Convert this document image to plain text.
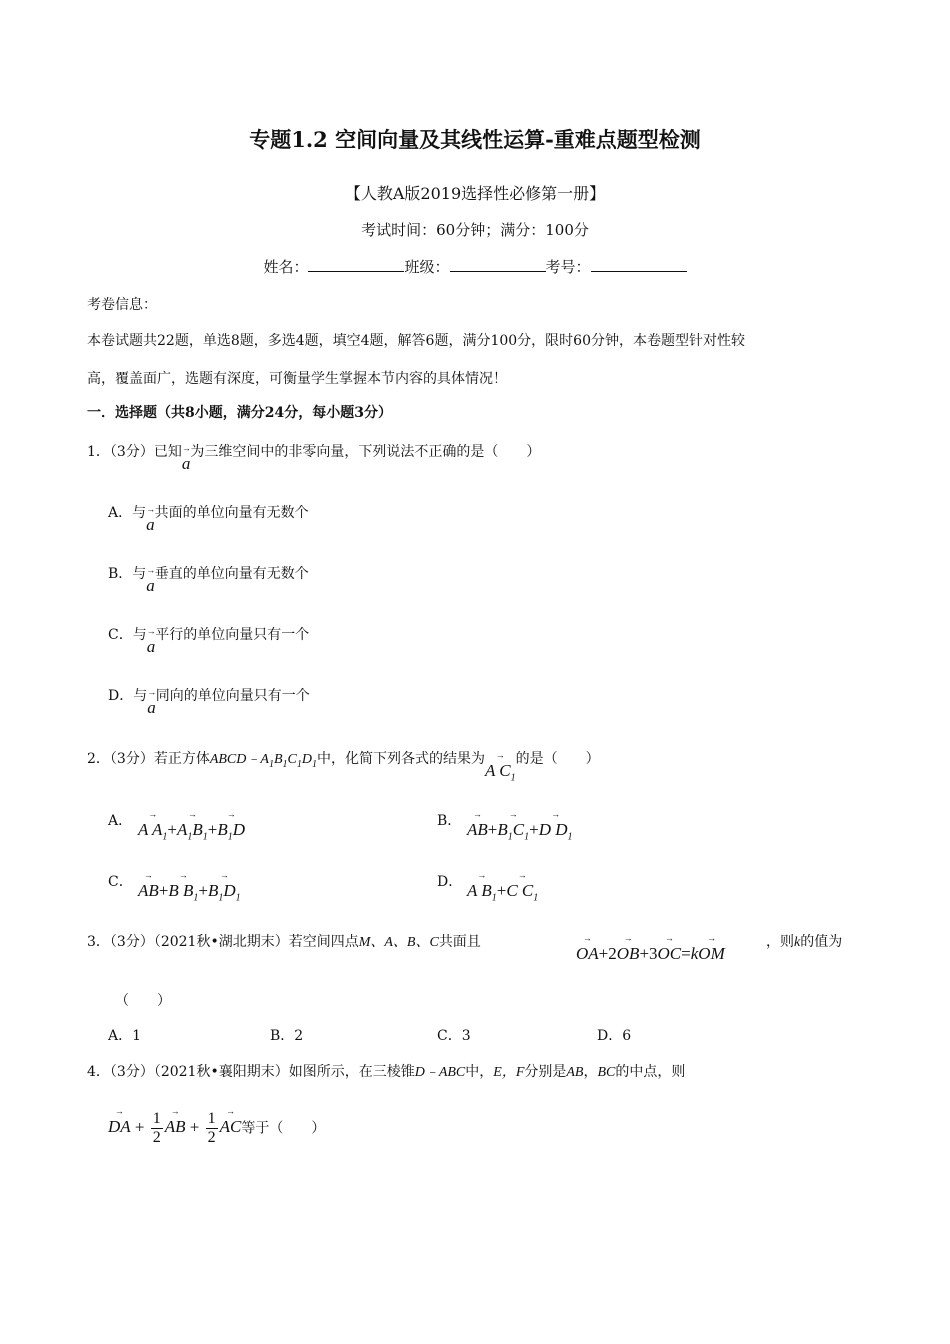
专题1.2 空间向量及其线性运算-重难点题型检测
【人教A版2019选择性必修第一册】
考试时间：60分钟；满分：100分
姓名：	班级：	考号：
考卷信息：
本卷试题共22题，单选8题，多选4题，填空4题，解答6题，满分100分，限时60分钟，本卷题型针对性较
高，覆盖面广，选题有深度，可衡量学生掌握本节内容的具体情况！
一．选择题（共8小题，满分24分，每小题3分）
1．（3分）已知 →
a为三维空间中的非零向量，下列说法不正确的是（　　）
A．与 →
a共面的单位向量有无数个
B．与 →
a垂直的单位向量有无数个
C．与 →
a平行的单位向量只有一个
D．与 →
a同向的单位向量只有一个
2．（3分）若正方体$ABCD﹣A_1B_1C_1D_1$中，化简下列各式的结果为	→
A $C_1$的是（　　）
A．	→
A $A_1+$
→
$A_1B_1+$
→
$B_1D$	B．	→
AB+
→
$B_1C_1+$
→
D $D_1$
C．	→
AB+
→
B $B_1+$
→
$B_1D_1$
D．	→
A $B_1+$
→
C $C_1$
3．（3分）（2021秋•湖北期末）若空间四点M、A、B、C共面且	→
OA+2
→
OB+3
→
OC=k
→
OM
，则k的值为
（　　）
A．1	B．2	C．3	D．6
4．（3分）（2021秋•襄阳期末）如图所示，在三棱锥D﹣ABC中，E，F分别是AB，BC的中点，则
→
DA + $\frac{1}{2}$ →
AB + $\frac{1}{2}$ →
AC等于（　　）
